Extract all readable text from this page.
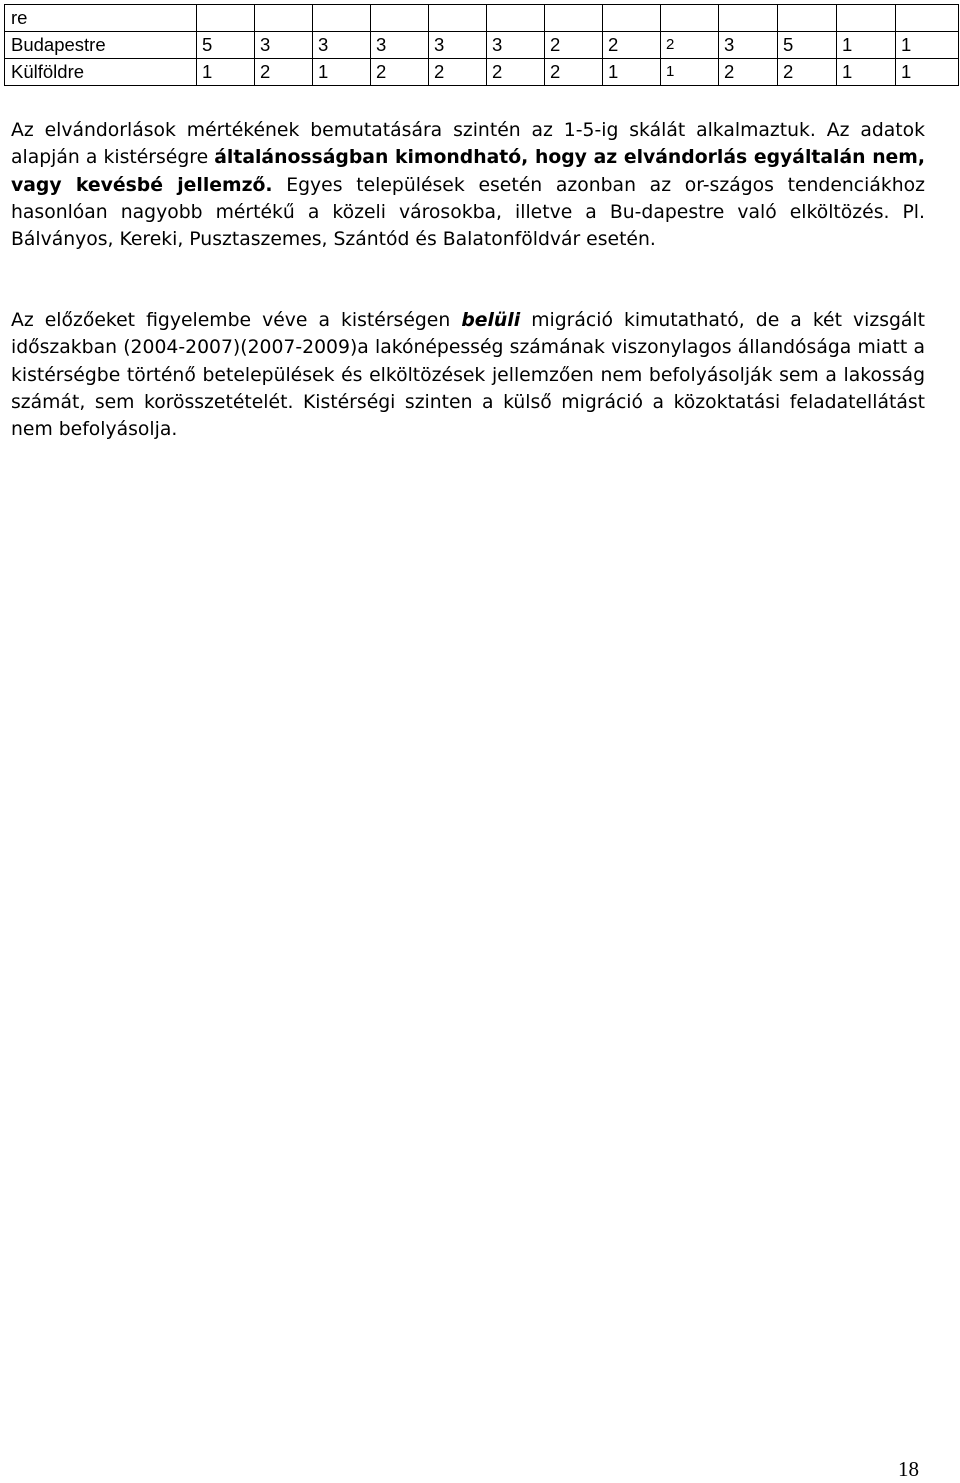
re													
Budapestre	5	3	3	3	3	3	2	2	2	3	5	1	1
Külföldre	1	2	1	2	2	2	2	1	1	2	2	1	1

Az elvándorlások mértékének bemutatására szintén az 1-5-ig skálát alkalmaztuk. Az adatok alapján a kistérségre általánosságban kimondható, hogy az elvándorlás egyáltalán nem, vagy kevésbé jellemző. Egyes települések esetén azonban az or-szágos tendenciákhoz hasonlóan nagyobb mértékű a közeli városokba, illetve a Bu-dapestre való elköltözés. Pl. Bálványos, Kereki, Pusztaszemes, Szántód és Balatonföldvár esetén.

Az előzőeket figyelembe véve a kistérségen belüli migráció kimutatható, de a két vizsgált időszakban (2004-2007)(2007-2009)a lakónépesség számának viszonylagos állandósága miatt a kistérségbe történő betelepülések és elköltözések jellemzően nem befolyásolják sem a lakosság számát, sem korösszetételét. Kistérségi szinten a külső migráció a közoktatási feladatellátást nem befolyásolja.

18
